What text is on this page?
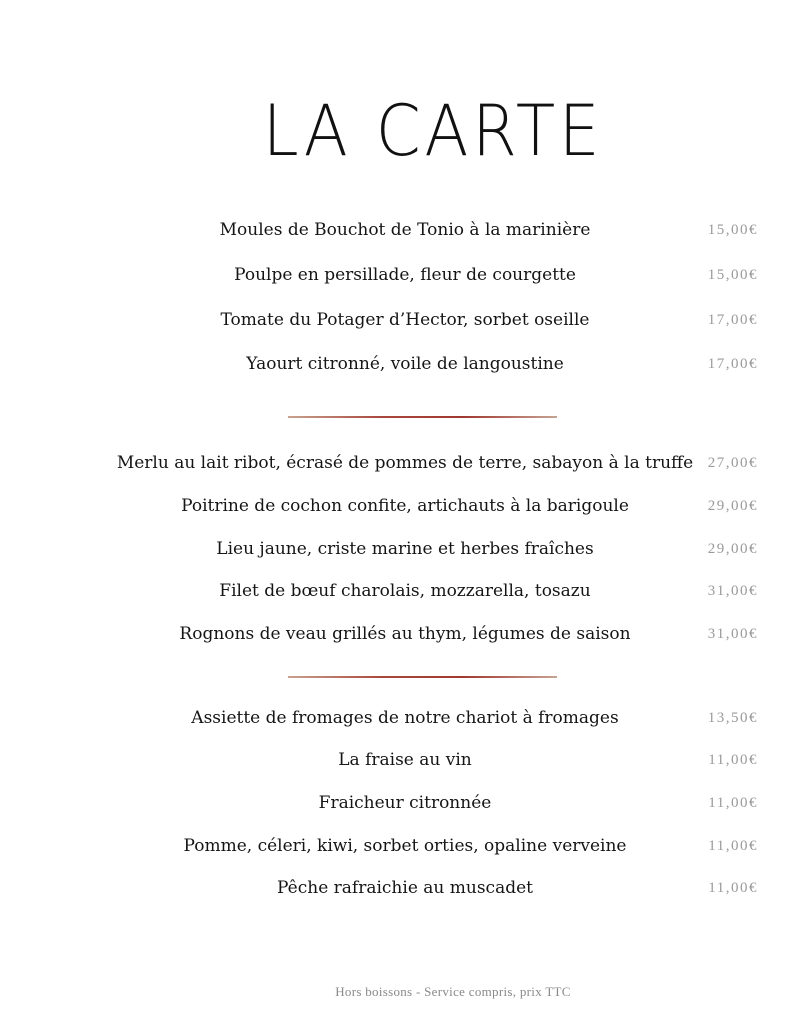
LA CARTE
Moules de Bouchot de Tonio à la marinière	15,00€
Poulpe en persillade, fleur de courgette	15,00€
Tomate du Potager d’Hector, sorbet oseille	17,00€
Yaourt citronné, voile de langoustine	17,00€
Merlu au lait ribot, écrasé de pommes de terre, sabayon à la truffe 27,00€
Poitrine de cochon confite, artichauts à la barigoule	29,00€
Lieu jaune, criste marine et herbes fraîches	29,00€
Filet de bœuf charolais, mozzarella, tosazu	31,00€
Rognons de veau grillés au thym, légumes de saison	31,00€
Assiette de fromages de notre chariot à fromages	13,50€
La fraise au vin	11,00€
Fraicheur citronnée	11,00€
Pomme, céleri, kiwi, sorbet orties, opaline verveine	11,00€
Pêche rafraichie au muscadet	11,00€
Hors boissons - Service compris, prix TTC
